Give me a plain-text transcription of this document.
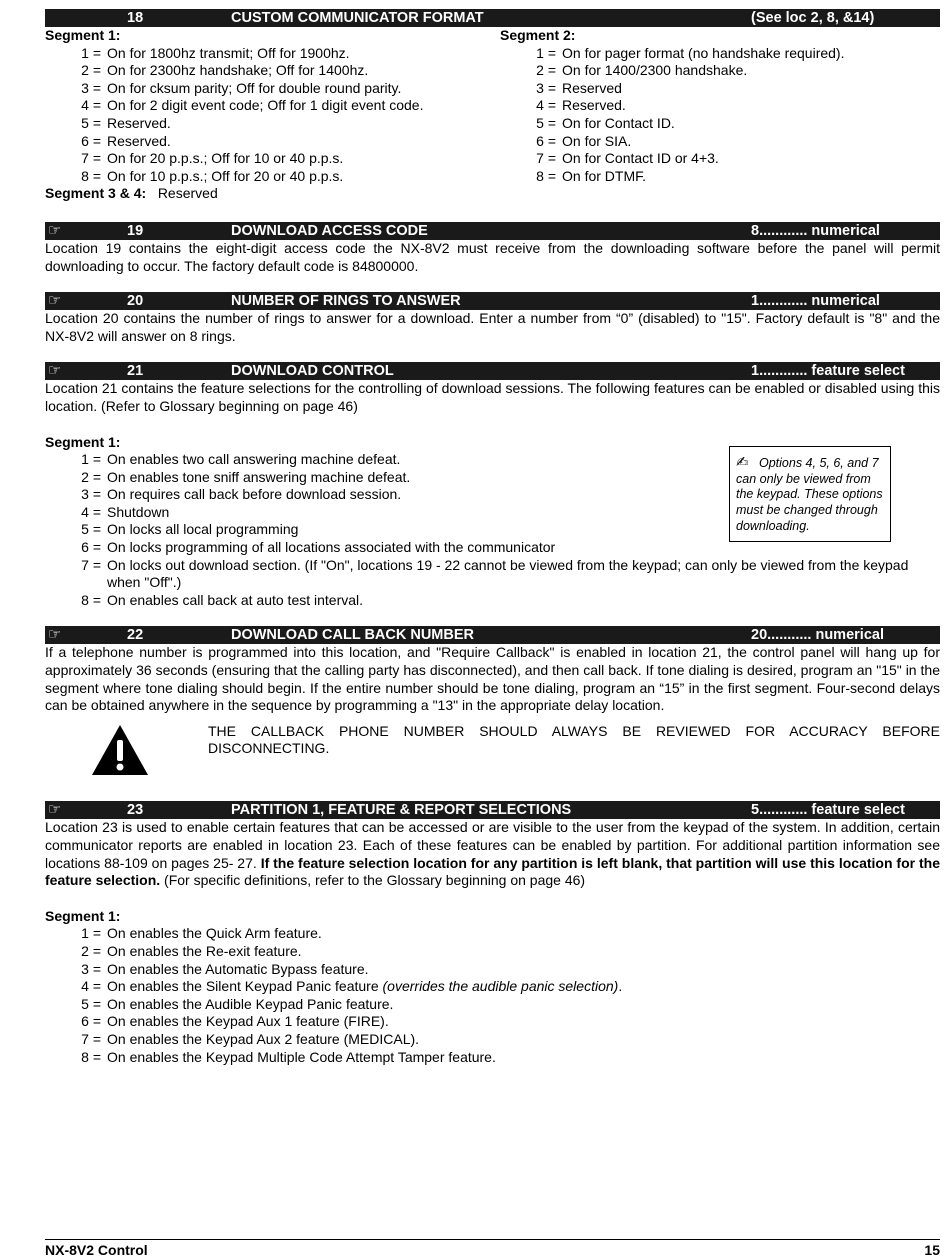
18	CUSTOM COMMUNICATOR FORMAT	(See loc 2, 8, &14)
Segment 1:
1 = On for 1800hz transmit; Off for 1900hz.
2 = On for 2300hz handshake; Off for 1400hz.
3 = On for cksum parity; Off for double round parity.
4 = On for 2 digit event code; Off for 1 digit event code.
5 = Reserved.
6 = Reserved.
7 = On for 20 p.p.s.; Off for 10 or 40 p.p.s.
8 = On for 10 p.p.s.; Off for 20 or 40 p.p.s.
Segment 2:
1 = On for pager format (no handshake required).
2 = On for 1400/2300 handshake.
3 = Reserved
4 = Reserved.
5 = On for Contact ID.
6 = On for SIA.
7 = On for Contact ID or 4+3.
8 = On for DTMF.
Segment 3 & 4: Reserved
☞	19	DOWNLOAD ACCESS CODE	8............ numerical

Location 19 contains the eight-digit access code the NX-8V2 must receive from the downloading software before the panel will permit downloading to occur. The factory default code is 84800000.

☞	20	NUMBER OF RINGS TO ANSWER	1............ numerical

Location 20 contains the number of rings to answer for a download. Enter a number from “0” (disabled) to "15". Factory default is "8" and the NX-8V2 will answer on 8 rings.

☞	21	DOWNLOAD CONTROL	1............ feature select

Location 21 contains the feature selections for the controlling of download sessions. The following features can be enabled or disabled using this location. (Refer to Glossary beginning on page 46)

Segment 1:
1 = On enables two call answering machine defeat.
2 = On enables tone sniff answering machine defeat.
3 = On requires call back before download session.
4 = Shutdown
5 = On locks all local programming
6 = On locks programming of all locations associated with the communicator
7 = On locks out download section. (If "On", locations 19 - 22 cannot be viewed from the keypad; can only be viewed from the keypad when "Off".)
8 = On enables call back at auto test interval.
☞	22	DOWNLOAD CALL BACK NUMBER	20........... numerical

If a telephone number is programmed into this location, and "Require Callback" is enabled in location 21, the control panel will hang up for approximately 36 seconds (ensuring that the calling party has disconnected), and then call back. If tone dialing is desired, program an "15" in the segment where tone dialing should begin. If the entire number should be tone dialing, program an “15” in the first segment. Four-second delays can be obtained anywhere in the sequence by programming a "13" in the appropriate delay location.

THE CALLBACK PHONE NUMBER SHOULD ALWAYS BE REVIEWED FOR ACCURACY BEFORE DISCONNECTING.
☞	23	PARTITION 1, FEATURE & REPORT SELECTIONS	5............ feature select

Location 23 is used to enable certain features that can be accessed or are visible to the user from the keypad of the system. In addition, certain communicator reports are enabled in location 23. Each of these features can be enabled by partition. For additional partition information see locations 88-109 on pages 25- 27. If the feature selection location for any partition is left blank, that partition will use this location for the feature selection. (For specific definitions, refer to the Glossary beginning on page 46)

Segment 1:
1 = On enables the Quick Arm feature.
2 = On enables the Re-exit feature.
3 = On enables the Automatic Bypass feature.
4 = On enables the Silent Keypad Panic feature (overrides the audible panic selection).
5 = On enables the Audible Keypad Panic feature.
6 = On enables the Keypad Aux 1 feature (FIRE).
7 = On enables the Keypad Aux 2 feature (MEDICAL).
8 = On enables the Keypad Multiple Code Attempt Tamper feature.
✍ Options 4, 5, 6, and 7 can only be viewed from the keypad. These options must be changed through downloading.
NX-8V2 Control	15
